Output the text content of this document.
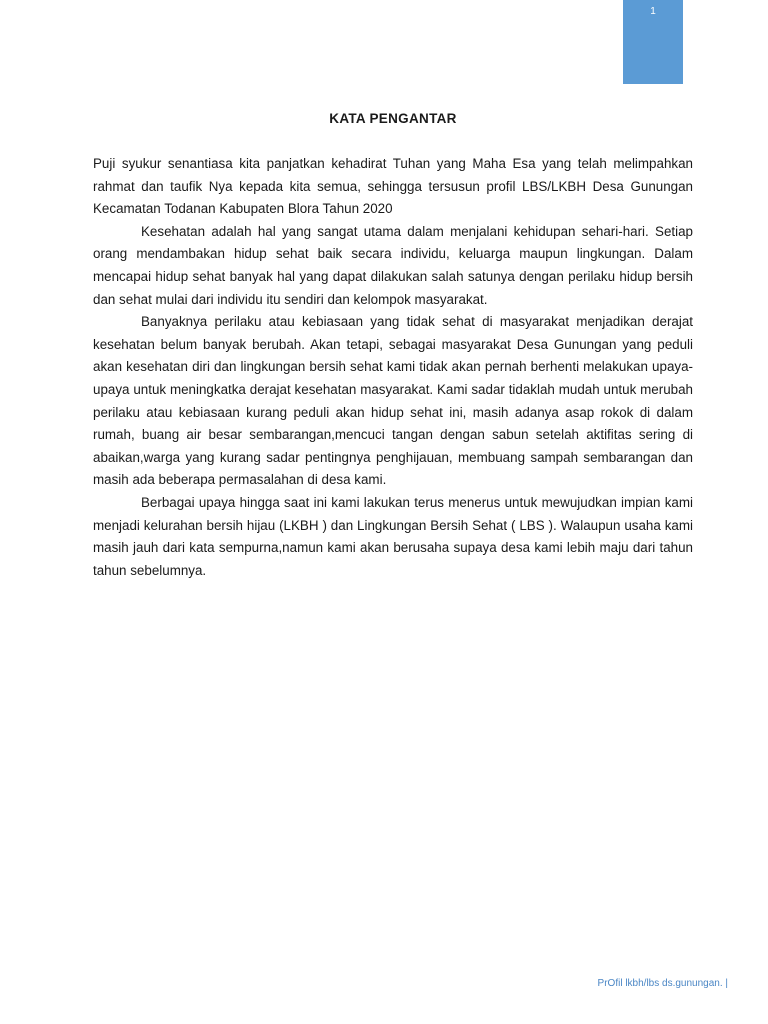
1
KATA PENGANTAR

Puji syukur senantiasa kita panjatkan kehadirat Tuhan yang Maha Esa yang telah melimpahkan rahmat dan taufik Nya kepada kita semua, sehingga tersusun profil LBS/LKBH Desa Gunungan Kecamatan Todanan Kabupaten Blora Tahun 2020

Kesehatan adalah hal yang sangat utama dalam menjalani kehidupan sehari-hari. Setiap orang mendambakan hidup sehat baik secara individu, keluarga maupun lingkungan. Dalam mencapai hidup sehat banyak hal yang dapat dilakukan salah satunya dengan perilaku hidup bersih dan sehat mulai dari individu itu sendiri dan kelompok masyarakat.

Banyaknya perilaku atau kebiasaan yang tidak sehat di masyarakat menjadikan derajat kesehatan belum banyak berubah. Akan tetapi, sebagai masyarakat Desa Gunungan yang peduli akan kesehatan diri dan lingkungan bersih sehat kami tidak akan pernah berhenti melakukan upaya-upaya untuk meningkatka derajat kesehatan masyarakat. Kami sadar tidaklah mudah untuk merubah perilaku atau kebiasaan kurang peduli akan hidup sehat ini, masih adanya asap rokok di dalam rumah, buang air besar sembarangan,mencuci tangan dengan sabun setelah aktifitas sering di abaikan,warga yang kurang sadar pentingnya penghijauan, membuang sampah sembarangan dan masih ada beberapa permasalahan di desa kami.

Berbagai upaya hingga saat ini kami lakukan terus menerus untuk mewujudkan impian kami menjadi kelurahan bersih hijau (LKBH ) dan Lingkungan Bersih Sehat ( LBS ). Walaupun usaha kami masih jauh dari kata sempurna,namun kami akan berusaha supaya desa kami lebih maju dari tahun tahun sebelumnya.

PrOfil lkbh/lbs ds.gunungan. |
